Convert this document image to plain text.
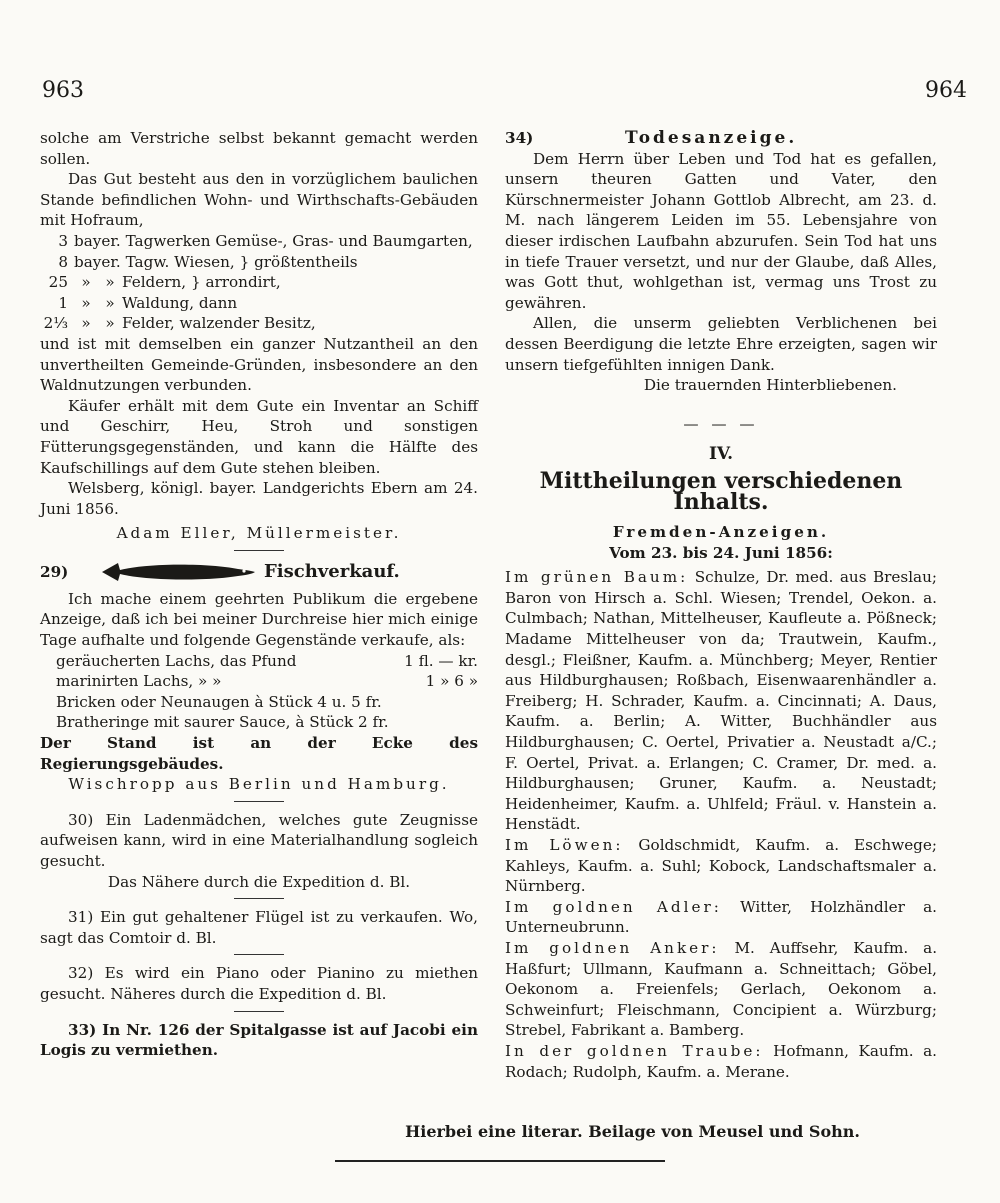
963	964

solche am Verstriche selbst bekannt gemacht werden sollen.

Das Gut besteht aus den in vorzüglichem baulichen Stande befindlichen Wohn- und Wirthschafts-Gebäuden mit Hofraum,

3 bayer. Tagwerken Gemüse-, Gras- und Baumgarten,
8 bayer. Tagw. Wiesen, } größtentheils
25 » » Feldern, } arrondirt,
1 » » Waldung, dann
2⅓ » » Felder, walzender Besitz,

und ist mit demselben ein ganzer Nutzantheil an den unvertheilten Gemeinde-Gründen, insbesondere an den Waldnutzungen verbunden.

Käufer erhält mit dem Gute ein Inventar an Schiff und Geschirr, Heu, Stroh und sonstigen Fütterungsgegenständen, und kann die Hälfte des Kaufschillings auf dem Gute stehen bleiben.

Welsberg, königl. bayer. Landgerichts Ebern am 24. Juni 1856.

Adam Eller, Müllermeister.

29)	Fischverkauf.

Ich mache einem geehrten Publikum die ergebene Anzeige, daß ich bei meiner Durchreise hier mich einige Tage aufhalte und folgende Gegenstände verkaufe, als:

geräucherten Lachs, das Pfund	1 fl. — kr.
marinirten Lachs, » »	1 » 6 »
Bricken oder Neunaugen à Stück 4 u. 5 fr.
Bratheringe mit saurer Sauce, à Stück 2 fr.

Der Stand ist an der Ecke des Regierungsgebäudes.

Wischropp aus Berlin und Hamburg.

30) Ein Ladenmädchen, welches gute Zeugnisse aufweisen kann, wird in eine Materialhandlung sogleich gesucht.

Das Nähere durch die Expedition d. Bl.

31) Ein gut gehaltener Flügel ist zu verkaufen. Wo, sagt das Comtoir d. Bl.

32) Es wird ein Piano oder Pianino zu miethen gesucht. Näheres durch die Expedition d. Bl.

33) In Nr. 126 der Spitalgasse ist auf Jacobi ein Logis zu vermiethen.

34)	Todesanzeige.

Dem Herrn über Leben und Tod hat es gefallen, unsern theuren Gatten und Vater, den Kürschnermeister Johann Gottlob Albrecht, am 23. d. M. nach längerem Leiden im 55. Lebensjahre von dieser irdischen Laufbahn abzurufen. Sein Tod hat uns in tiefe Trauer versetzt, und nur der Glaube, daß Alles, was Gott thut, wohlgethan ist, vermag uns Trost zu gewähren.

Allen, die unserm geliebten Verblichenen bei dessen Beerdigung die letzte Ehre erzeigten, sagen wir unsern tiefgefühlten innigen Dank.

Die trauernden Hinterbliebenen.

— — —
IV.
Mittheilungen verschiedenen Inhalts.

Fremden-Anzeigen.

Vom 23. bis 24. Juni 1856:

Im grünen Baum: Schulze, Dr. med. aus Breslau; Baron von Hirsch a. Schl. Wiesen; Trendel, Oekon. a. Culmbach; Nathan, Mittelheuser, Kaufleute a. Pößneck; Madame Mittelheuser von da; Trautwein, Kaufm., desgl.; Fleißner, Kaufm. a. Münchberg; Meyer, Rentier aus Hildburghausen; Roßbach, Eisenwaarenhändler a. Freiberg; H. Schrader, Kaufm. a. Cincinnati; A. Daus, Kaufm. a. Berlin; A. Witter, Buchhändler aus Hildburghausen; C. Oertel, Privatier a. Neustadt a/C.; F. Oertel, Privat. a. Erlangen; C. Cramer, Dr. med. a. Hildburghausen; Gruner, Kaufm. a. Neustadt; Heidenheimer, Kaufm. a. Uhlfeld; Fräul. v. Hanstein a. Henstädt.

Im Löwen: Goldschmidt, Kaufm. a. Eschwege; Kahleys, Kaufm. a. Suhl; Kobock, Landschaftsmaler a. Nürnberg.

Im goldnen Adler: Witter, Holzhändler a. Unterneubrunn.

Im goldnen Anker: M. Auffsehr, Kaufm. a. Haßfurt; Ullmann, Kaufmann a. Schneittach; Göbel, Oekonom a. Freienfels; Gerlach, Oekonom a. Schweinfurt; Fleischmann, Concipient a. Würzburg; Strebel, Fabrikant a. Bamberg.

In der goldnen Traube: Hofmann, Kaufm. a. Rodach; Rudolph, Kaufm. a. Merane.

Hierbei eine literar. Beilage von Meusel und Sohn.
